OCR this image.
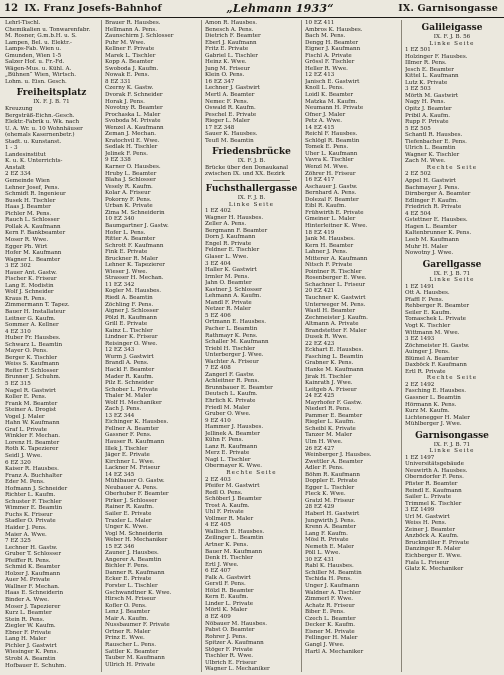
12 IX. Franz Josefs-Bahnhof	„Lehmann 1933“	IX. Garnisongasse
Lehrl-Tischl.
Chemikalien u. Tonwarenfabr.
M. Rosner, G.m.b.H. u. S.
Lampen, Bel. u. Elektr.-
Lamps-Fab. Wien u.
Gmunden, Wien 1-5
Salzer Hof. u. Fr.-Fd.
Wägen-Mus. u. Kühl. A.
„Bühnen“ Wien, Wirtsch.
Lohm. u. Eisn. Gesch.
Freiheitsplatz
IX. F. J. B. 71
Kreuzung
Bergsträß-Eichn.-Gesch.
Elektr.-Fabrik u. Wk. nach
U. A. Wr. u. 10 Wohnhäuser
(ehemals Kasernenbetr.)
Stadt. u. Kunstanst.
1 - 3
Landesinstitut
K. u. K. Unterrichts-
Anstalt
2 EZ 334
Gemeinde Wien
Lehner Josef, Pens.
Schmidt R. Ingenieur
Busek H. Tischler
Haas J. Beamter
Pichler M. Pens.
Rauch L. Schlosser
Pollak A. Kaufmann
Kern F. Bankbeamter
Moser R. Wwe.
Egger Ph. Wirt
Hofer M. Kaufmann
Wagner L. Beamter
3 EZ 302
Hauer Ant. Gastw.
Fischer K. Friseur
Lang E. Modistin
Wolf J. Schneider
Kraus R. Pens.
Zimmermann T. Tapez.
Bauer H. Installateur
Leitner G. Kaufm.
Sommer A. Kellner
4 EZ 310
Huber Fr. Hausbes.
Schwarz L. Beamtin
Mayer O. Pens.
Berger K. Tischler
Weiss S. Kaufmann
Reiter F. Schlosser
Brunner J. Schuhm.
5 EZ 315
Nagel R. Gastwirt
Koller E. Pens.
Frank M. Beamter
Steiner A. Drogist
Vogel J. Maler
Hahn W. Kaufmann
Graf L. Private
Winkler F. Mechan.
Lorenz H. Beamter
Roth K. Tapezierer
Seidl J. Wwe.
6 EZ 320
Kaiser R. Hausbes.
Franz A. Buchhalter
Eder M. Pens.
Hofmann J. Schneider
Richter L. Kaufm.
Schuster F. Tischler
Wimmer E. Beamtin
Fuchs K. Friseur
Stadler O. Private
Haider J. Pens.
Maier A. Wwe.
7 EZ 325
Lechner H. Gastw.
Gruber T. Schlosser
Pfeiffer R. Pens.
Schmid K. Beamter
Holzer J. Kaufmann
Auer M. Private
Wallner F. Mechan.
Haas E. Schneiderin
Binder A. Wwe.
Moser J. Tapezierer
Kurz L. Beamter
Stein R. Pens.
Ziegler W. Kaufm.
Ebner F. Private
Lang H. Maler
Pichler J. Gastwirt
Wiesinger K. Pens.
Strobl A. Beamtin
Hofbauer E. Schuhm.
Brauer R. Hausbes.
Hellmann A. Pens.
Zaunschirm J. Schlosser
Puhr M. Wwe.
Kellner F. Private
Marek L. Tischler
Kopp A. Beamter
Swoboda J. Kaufm.
Nowak E. Pens.
8 EZ 331
Czerny K. Gastw.
Dvorak F. Schneider
Horak J. Pens.
Novotny R. Beamter
Prochaska L. Maler
Svoboda M. Private
Wenzel A. Kaufmann
Zeman J. Mechan.
Kratochvil E. Wwe.
Sedlak H. Tischler
Jelinek F. Pens.
9 EZ 338
Karner O. Hausbes.
Hruby L. Beamter
Blaha J. Schlosser
Vesely R. Kaufm.
Kolar A. Friseur
Pokorny F. Pens.
Urban K. Private
Zima M. Schneiderin
10 EZ 340
Baumgartner J. Gastw.
Hofer L. Pens.
Ritter A. Beamter
Schrott F. Kaufmann
Fink E. Private
Bruckner R. Maler
Lehner K. Tapezierer
Wieser J. Wwe.
Strasser H. Mechan.
11 EZ 342
Kogler M. Hausbes.
Riedl A. Beamtin
Zöchling F. Pens.
Aigner J. Schlosser
Pölzl R. Kaufmann
Grill E. Private
Kainz L. Tischler
Lindner K. Friseur
Reisinger O. Wwe.
12 EZ 343
Wurm J. Gastwirt
Brandl A. Pens.
Hackl F. Beamter
Mader R. Kaufm.
Pilz E. Schneider
Schober L. Private
Thaler M. Maler
Wolf H. Mechaniker
Zach J. Pens.
13 EZ 344
Eichinger K. Hausbes.
Fellner A. Beamter
Gassner F. Pens.
Hauser R. Kaufmann
Illek J. Tischler
Jäger E. Private
Kirchner L. Wwe.
Lackner M. Friseur
14 EZ 345
Mühlbauer O. Gastw.
Neubauer A. Pens.
Oberhuber F. Beamter
Pirker J. Schlosser
Rainer R. Kaufm.
Sailer E. Private
Traxler L. Maler
Unger K. Wwe.
Vogl M. Schneiderin
Weber H. Mechaniker
15 EZ 346
Zauner J. Hausbes.
Angerer A. Beamtin
Bichler F. Pens.
Danner R. Kaufmann
Ecker E. Private
Forster L. Tischler
Gschwandtner K. Wwe.
Hirsch M. Friseur
Kofler O. Pens.
Lenz J. Beamter
Mair A. Kaufm.
Nussbaumer F. Private
Ortner R. Maler
Prinz E. Wwe.
Rauscher L. Pens.
Sattler K. Beamter
Tauber M. Kaufmann
Ullrich H. Private
Amon R. Hausbes.
Benesch A. Pens.
Dietrich F. Beamter
Eberl J. Kaufmann
Fritz E. Private
Gabriel L. Tischler
Heinz K. Wwe.
Jung M. Friseur
Klein O. Pens.
16 EZ 347
Lechner J. Gastwirt
Mertl A. Beamter
Nemec F. Pens.
Oswald R. Kaufm.
Peschel E. Private
Rieger L. Maler
17 EZ 348
Sauer K. Hausbes.
Teufl M. Beamtin
Friedensbrücke
IX. F. J. B.
Brücke über den Donaukanal
zwischen IX. und XX. Bezirk
Fuchsthallergasse
IX. F. J. B.
Linke Seite
1 EZ 402
Wagner H. Hausbes.
Zeller A. Pens.
Bergmann F. Beamter
Dorn J. Kaufmann
Engel R. Private
Feldner E. Tischler
Glaser L. Wwe.
3 EZ 404
Haller K. Gastwirt
Irmler M. Pens.
Jahn O. Beamter
Kastner J. Schlosser
Lehmann A. Kaufm.
Mandl F. Private
Netzer R. Maler
5 EZ 406
Ortmann E. Hausbes.
Pacher L. Beamtin
Rathmayr K. Pens.
Schaller M. Kaufmann
Triebl H. Tischler
Unterberger J. Wwe.
Wachter A. Friseur
7 EZ 408
Zangerl F. Gastw.
Achleitner R. Pens.
Brunnbauer E. Beamter
Deutsch L. Kaufm.
Ehrlich K. Private
Friedl M. Maler
Gruber O. Wwe.
9 EZ 410
Hammer J. Hausbes.
Jellinek A. Beamter
Kühn F. Pens.
Lanz R. Kaufmann
Merz E. Private
Nagl L. Tischler
Obermayer K. Wwe.
Rechte Seite
2 EZ 403
Pfeifer M. Gastwirt
Redl O. Pens.
Schöberl J. Beamter
Trost A. Kaufm.
Uhl F. Private
Vollmer R. Maler
4 EZ 405
Wallisch E. Hausbes.
Zeilinger L. Beamtin
Artner K. Pens.
Bauer M. Kaufmann
Denk H. Tischler
Ertl J. Wwe.
6 EZ 407
Falk A. Gastwirt
Gerstl F. Pens.
Hölzl R. Beamter
Kern E. Kaufm.
Linder L. Private
Mörtl K. Maler
8 EZ 409
Nöbauer M. Hausbes.
Pabst O. Beamter
Rohrer J. Pens.
Spitzer A. Kaufmann
Stöger F. Private
Tischler R. Wwe.
Ulbrich E. Friseur
Wagner L. Mechaniker
10 EZ 411
Ambros K. Hausbes.
Bach M. Pens.
Dengg H. Beamter
Eigner J. Kaufmann
Fischl A. Private
Grössl F. Tischler
Heller R. Wwe.
12 EZ 413
Janisch E. Gastwirt
Knoll L. Pens.
Loidl K. Beamter
Matzka M. Kaufm.
Neumann H. Private
Ofner J. Maler
Petz A. Wwe.
14 EZ 415
Reichl F. Hausbes.
Schlögl R. Beamtin
Tomek E. Pens.
Uher L. Kaufmann
Vavra K. Tischler
Wenzl M. Wwe.
Zöhrer H. Friseur
16 EZ 417
Aschauer J. Gastw.
Bernhard A. Pens.
Dolezal F. Beamter
Eibl R. Kaufm.
Frühwirth E. Private
Gmeiner L. Maler
Hinterleitner K. Wwe.
18 EZ 419
Jank M. Hausbes.
Kern H. Beamter
Lahner J. Pens.
Mitterer A. Kaufmann
Nitsch F. Private
Pointner R. Tischler
Rosenberger E. Wwe.
Schachner L. Friseur
20 EZ 421
Tauchner K. Gastwirt
Unterweger M. Pens.
Wastl H. Beamter
Zechmeister J. Kaufm.
Altmann A. Private
Brandstetter F. Maler
Dusek R. Wwe.
22 EZ 423
Eckhart E. Hausbes.
Fasching L. Beamtin
Grabner K. Pens.
Hanke M. Kaufmann
Jirak H. Tischler
Kainrath J. Wwe.
Leitgeb A. Friseur
24 EZ 425
Mayrhofer F. Gastw.
Niederl R. Pens.
Pammer E. Beamter
Riegler L. Kaufm.
Scheibl K. Private
Tanzer M. Maler
Ulm H. Wwe.
26 EZ 427
Weinberger J. Hausbes.
Zwettler A. Beamter
Adler F. Pens.
Böhm R. Kaufmann
Doppler E. Private
Egger L. Tischler
Fleck K. Wwe.
Gratzl M. Friseur
28 EZ 429
Haberl H. Gastwirt
Jungwirth J. Pens.
Krenn A. Beamter
Lang F. Kaufm.
Mösl R. Private
Nemeth E. Maler
Pöll L. Wwe.
30 EZ 431
Rabl K. Hausbes.
Schiller M. Beamtin
Tschida H. Pens.
Unger J. Kaufmann
Waldner A. Tischler
Zimmerl F. Wwe.
Achatz R. Friseur
Biber E. Pens.
Czech L. Beamter
Decker K. Kaufm.
Eisner M. Private
Fellinger H. Maler
Gangl J. Wwe.
Hartl A. Mechaniker
Galileigasse
IX. F. J. B. 56
Linke Seite
1 EZ 501
Holzinger F. Hausbes.
Illmer R. Pens.
Jesch E. Beamter
Kittel L. Kaufmann
Lutz K. Private
3 EZ 503
Mörth M. Gastwirt
Nagy H. Pens.
Opitz J. Beamter
Pribil A. Kaufm.
Rupp F. Private
5 EZ 505
Schantl R. Hausbes.
Tiefenbacher E. Pens.
Ulrich L. Beamtin
Wagner K. Tischler
Zach M. Wwe.
Rechte Seite
2 EZ 502
Appel H. Gastwirt
Bachmayer J. Pens.
Dirnberger A. Beamter
Edlinger F. Kaufm.
Friedrich R. Private
4 EZ 504
Gstettner E. Hausbes.
Hagen L. Beamter
Kaltenbrunner K. Pens.
Leeb M. Kaufmann
Muhr H. Maler
Nowotny J. Wwe.
Garellgasse
IX. F. J. B. 71
Linke Seite
1 EZ 1491
Ott A. Hausbes.
Pfaffl F. Pens.
Rehberger R. Beamter
Seiler E. Kaufm.
Tomaschek L. Private
Vogt K. Tischler
Wittmann M. Wwe.
3 EZ 1493
Zöchmeister H. Gastw.
Auinger J. Pens.
Blümel A. Beamter
Daxböck F. Kaufmann
Ertl R. Private
Rechte Seite
2 EZ 1492
Fasching E. Hausbes.
Gassner L. Beamtin
Hörmann K. Pens.
Kurz M. Kaufm.
Lichtenegger H. Maler
Mühlberger J. Wwe.
Garnisongasse
IX. F. J. B. 71
Linke Seite
1 EZ 1497
Universitätsgebäude
Neuwirth A. Hausbes.
Oberndorfer F. Pens.
Pfister R. Beamter
Reindl E. Kaufmann
Sailer L. Private
Trimmel K. Tischler
3 EZ 1499
Url M. Gastwirt
Weiss H. Pens.
Zeiner J. Beamter
Anzböck A. Kaufm.
Bruckmüller F. Private
Danzinger R. Maler
Eichberger E. Wwe.
Fiala L. Friseur
Glatz K. Mechaniker
